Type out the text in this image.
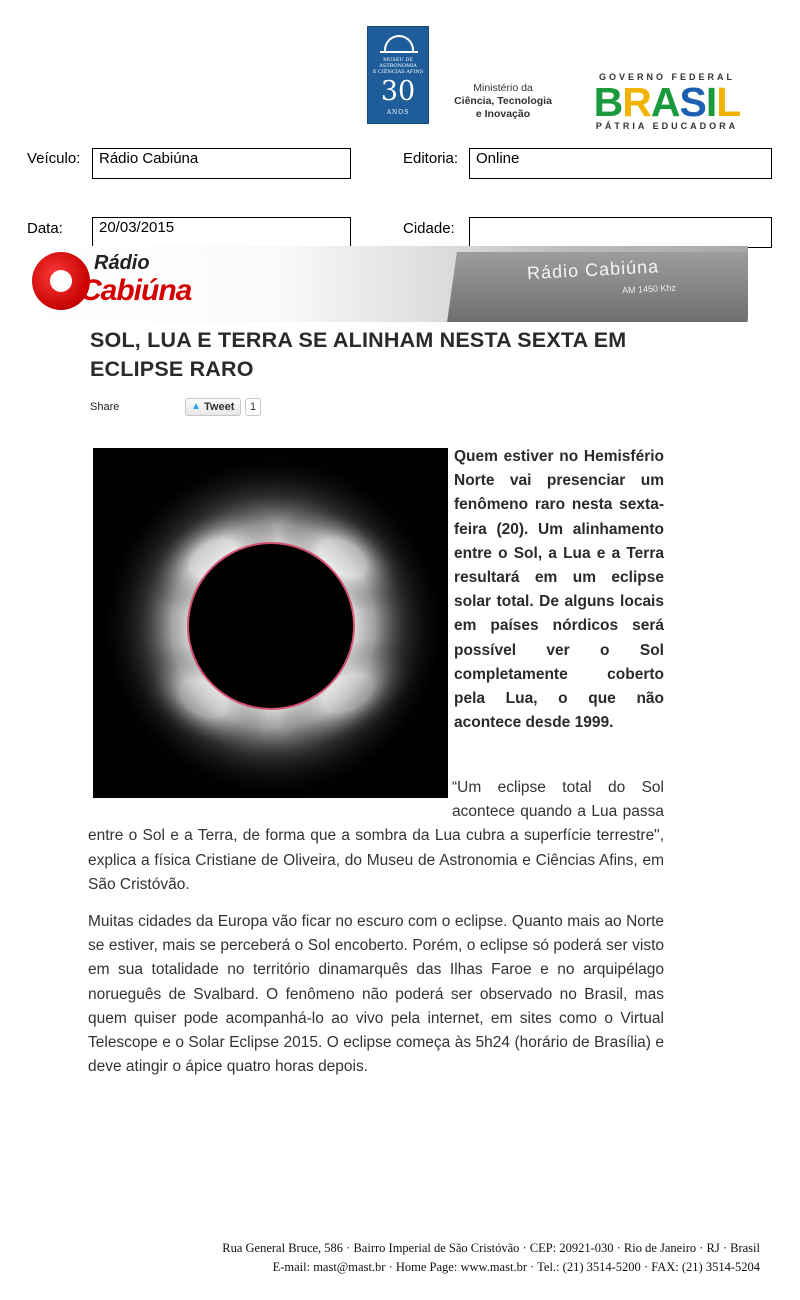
MUSEU DE
ASTRONOMIA
E CIÊNCIAS AFINS
30
ANOS
Ministério da
Ciência, Tecnologia
e Inovação
GOVERNO FEDERAL
BRASIL
PÁTRIA EDUCADORA
Veículo:	Rádio Cabiúna	Editoria:	Online
Data:	20/03/2015	Cidade:
Rádio Cabiúna
AM 1450 Khz
Rádio
Cabiúna
SOL, LUA E TERRA SE ALINHAM NESTA SEXTA EM ECLIPSE RARO
Share	▲ Tweet	1

Quem estiver no Hemisfério Norte vai presenciar um fenômeno raro nesta sexta-feira (20). Um alinhamento entre o Sol, a Lua e a Terra resultará em um eclipse solar total. De alguns locais em países nórdicos será possível ver o Sol completamente coberto pela Lua, o que não acontece desde 1999.

“Um eclipse total do Sol acontece quando a Lua passa entre o Sol e a Terra, de forma que a sombra da Lua cubra a superfície terrestre", explica a física Cristiane de Oliveira, do Museu de Astronomia e Ciências Afins, em São Cristóvão.

Muitas cidades da Europa vão ficar no escuro com o eclipse. Quanto mais ao Norte se estiver, mais se perceberá o Sol encoberto. Porém, o eclipse só poderá ser visto em sua totalidade no território dinamarquês das Ilhas Faroe e no arquipélago norueguês de Svalbard. O fenômeno não poderá ser observado no Brasil, mas quem quiser pode acompanhá-lo ao vivo pela internet, em sites como o Virtual Telescope e o Solar Eclipse 2015. O eclipse começa às 5h24 (horário de Brasília) e deve atingir o ápice quatro horas depois.

Rua General Bruce, 586 · Bairro Imperial de São Cristóvão · CEP: 20921-030 · Rio de Janeiro · RJ · Brasil
E-mail: mast@mast.br · Home Page: www.mast.br · Tel.: (21) 3514-5200 · FAX: (21) 3514-5204
